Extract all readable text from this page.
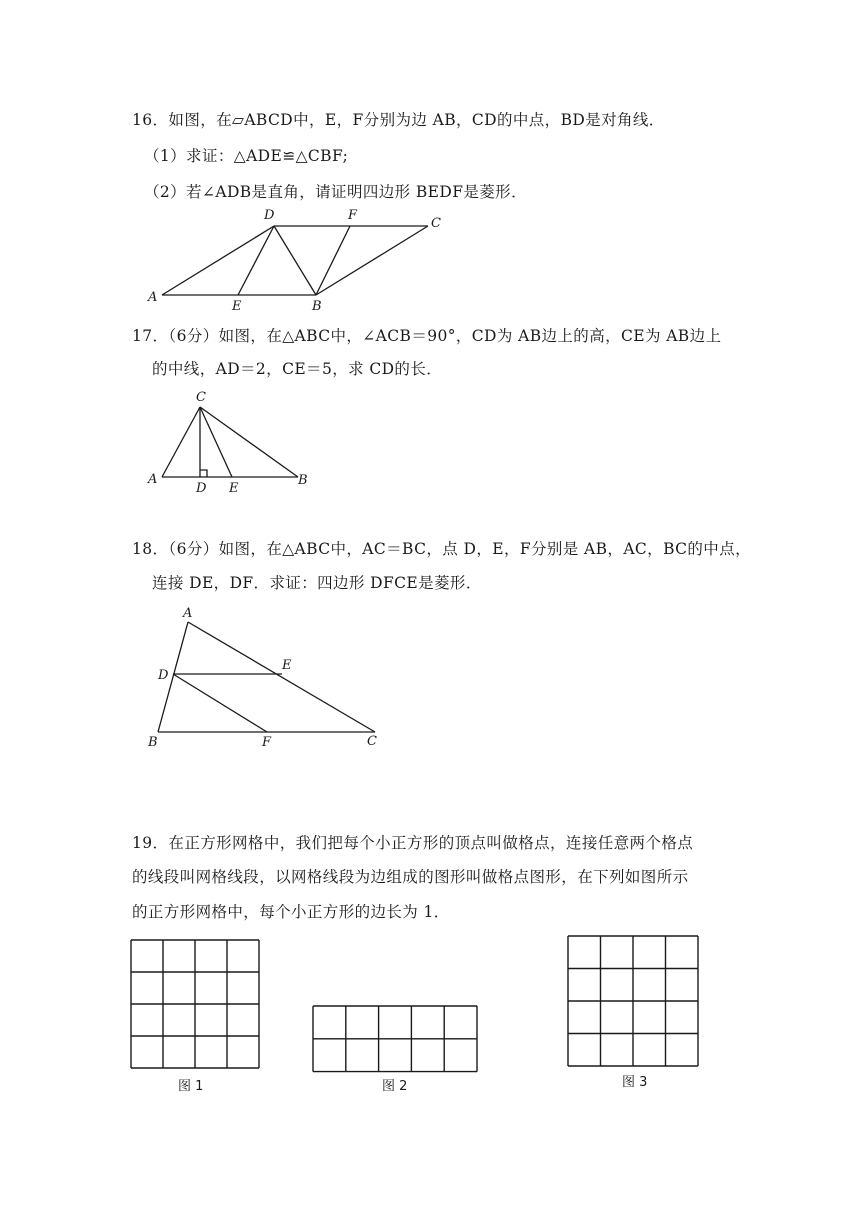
16．如图，在▱ABCD中，E，F分别为边 AB，CD的中点，BD是对角线．
（1）求证：△ADE≌△CBF;
（2）若∠ADB是直角，请证明四边形 BEDF是菱形．
A
E	B
D	F
C
17．（6分）如图，在△ABC中，∠ACB＝90°，CD为 AB边上的高，CE为 AB边上
的中线，AD＝2，CE＝5，求 CD的长．
A
C
D E
B
18．（6分）如图，在△ABC中，AC＝BC，点 D，E，F分别是 AB，AC，BC的中点，
连接 DE，DF．求证：四边形 DFCE是菱形．
A
D
E
B	F	C
19．在正方形网格中，我们把每个小正方形的顶点叫做格点，连接任意两个格点
的线段叫网格线段，以网格线段为边组成的图形叫做格点图形，在下列如图所示
的正方形网格中，每个小正方形的边长为 1．
图 1	图 2	图 3
